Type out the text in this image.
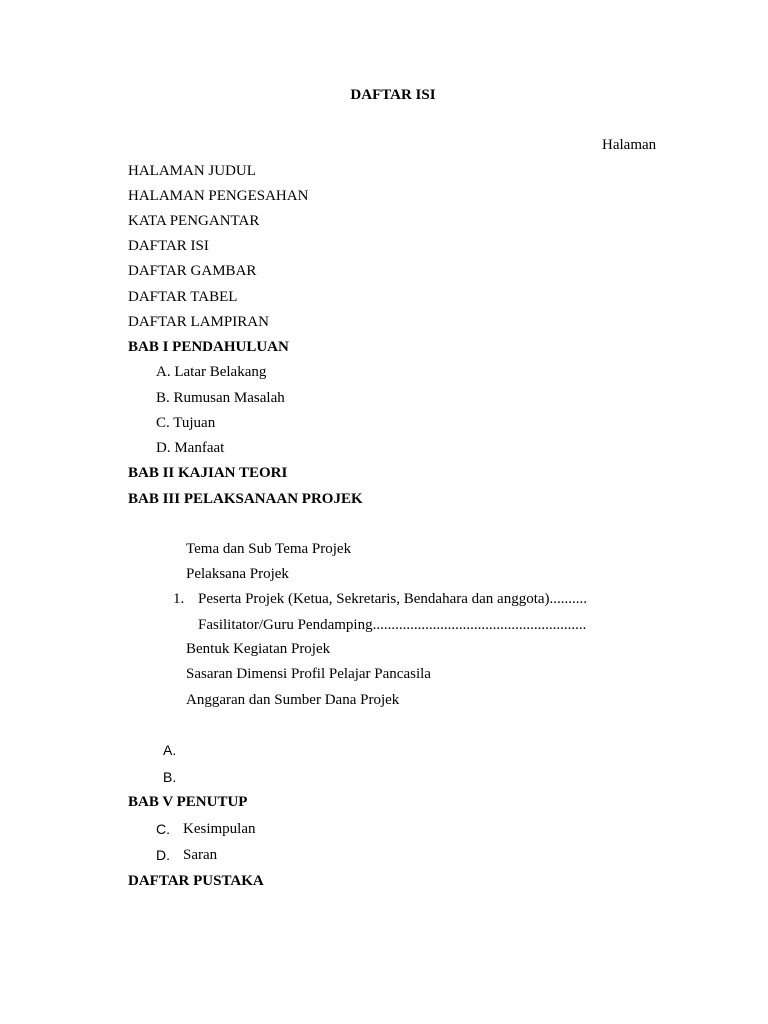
DAFTAR ISI
Halaman
HALAMAN JUDUL
HALAMAN PENGESAHAN
KATA PENGANTAR
DAFTAR ISI
DAFTAR GAMBAR
DAFTAR TABEL
DAFTAR LAMPIRAN
BAB I PENDAHULUAN
A. Latar Belakang
B. Rumusan Masalah
C. Tujuan
D. Manfaat
BAB II KAJIAN TEORI
BAB III PELAKSANAAN PROJEK
Tema dan Sub Tema Projek
Pelaksana Projek
1. Peserta Projek (Ketua, Sekretaris, Bendahara dan anggota)..........
Fasilitator/Guru Pendamping.........................................................
Bentuk Kegiatan Projek
Sasaran Dimensi Profil Pelajar Pancasila
Anggaran dan Sumber Dana Projek
A.
B.
BAB V PENUTUP
C. Kesimpulan
D. Saran
DAFTAR PUSTAKA
